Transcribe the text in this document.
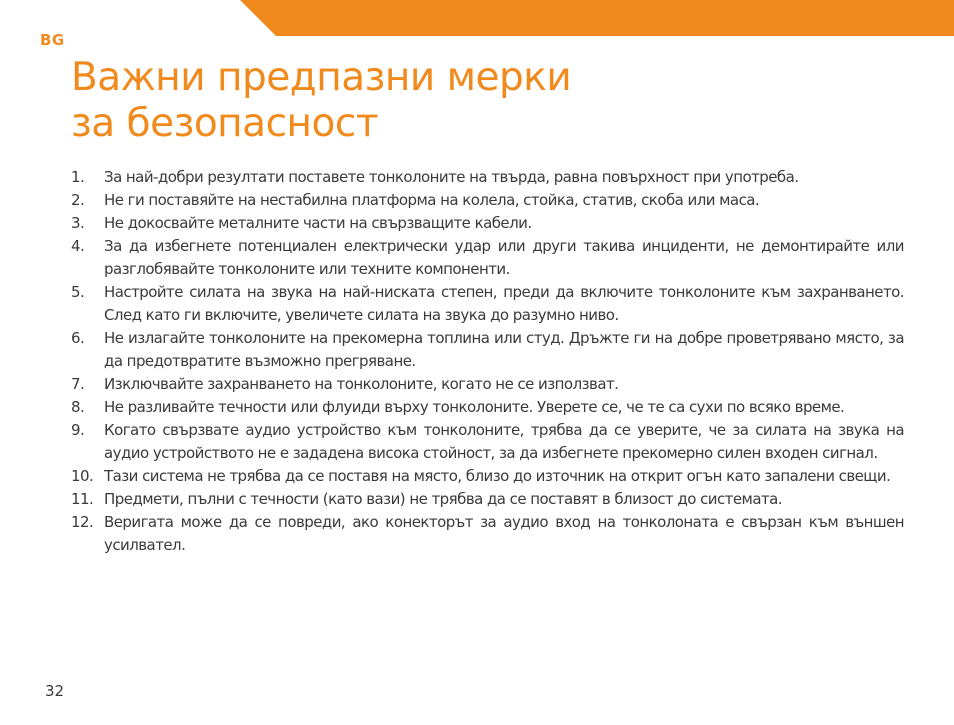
BG
Важни предпазни мерки
за безопасност
1. За най-добри резултати поставете тонколоните на твърда, равна повърхност при употреба.
2. Не ги поставяйте на нестабилна платформа на колела, стойка, статив, скоба или маса.
3. Не докосвайте металните части на свързващите кабели.
4. За да избегнете потенциален електрически удар или други такива инциденти, не демонтирайте или разглобявайте тонколоните или техните компоненти.
5. Настройте силата на звука на най-ниската степен, преди да включите тонколоните към захранването. След като ги включите, увеличете силата на звука до разумно ниво.
6. Не излагайте тонколоните на прекомерна топлина или студ. Дръжте ги на добре проветрявано място, за да предотвратите възможно прегряване.
7. Изключвайте захранването на тонколоните, когато не се използват.
8. Не разливайте течности или флуиди върху тонколоните. Уверете се, че те са сухи по всяко време.
9. Когато свързвате аудио устройство към тонколоните, трябва да се уверите, че за силата на звука на аудио устройството не е зададена висока стойност, за да избегнете прекомерно силен входен сигнал.
10. Тази система не трябва да се поставя на място, близо до източник на открит огън като запалени свещи.
11. Предмети, пълни с течности (като вази) не трябва да се поставят в близост до системата.
12. Веригата може да се повреди, ако конекторът за аудио вход на тонколоната е свързан към външен усилвател.
32
